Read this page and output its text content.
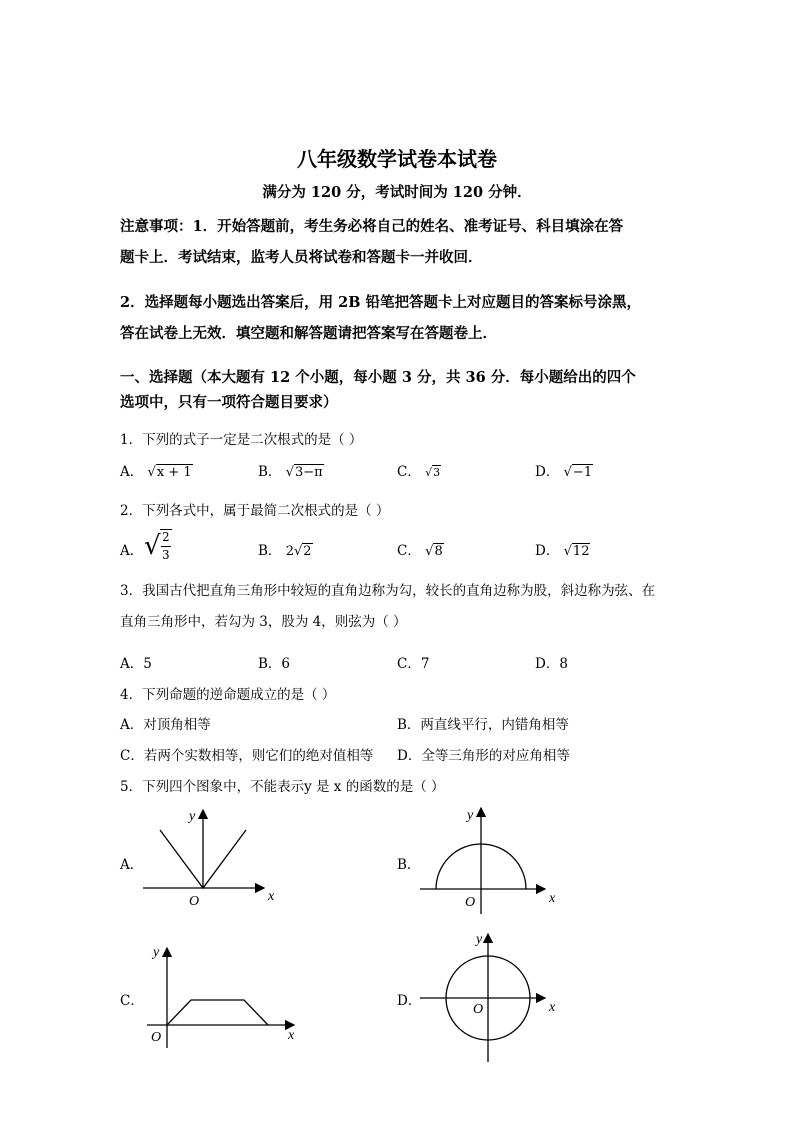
八年级数学试卷本试卷
满分为 120 分，考试时间为 120 分钟．
注意事项：1．开始答题前，考生务必将自己的姓名、准考证号、科目填涂在答
题卡上．考试结束，监考人员将试卷和答题卡一并收回．
2．选择题每小题选出答案后，用 2B 铅笔把答题卡上对应题目的答案标号涂黑，
答在试卷上无效．填空题和解答题请把答案写在答题卷上．
一、选择题（本大题有 12 个小题，每小题 3 分，共 36 分．每小题给出的四个
选项中，只有一项符合题目要求）
1．下列的式子一定是二次根式的是（ ）
A． √x + 1	B． √3−π	C． √3	D． √−1
2．下列各式中，属于最简二次根式的是（ ）
A． √ 2
3	B． 2√2	C． √8	D． √12
3．我国古代把直角三角形中较短的直角边称为勾，较长的直角边称为股，斜边称为弦、在
直角三角形中，若勾为 3，股为 4，则弦为（ ）
A．5	B．6	C．7	D．8
4．下列命题的逆命题成立的是（ ）
A．对顶角相等	B．两直线平行，内错角相等
C．若两个实数相等，则它们的绝对值相等 D．全等三角形的对应角相等
5．下列四个图象中，不能表示y 是 x 的函数的是（ ）
A．	B．
C．	D．
x
y
O	x
y
O
x
y
O
x
y
O
